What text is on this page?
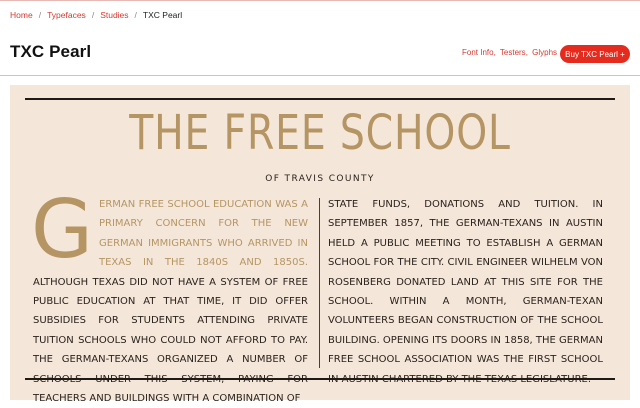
Home / Typefaces / Studies / TXC Pearl
TXC Pearl	Font Info, Testers, Glyphs	Buy TXC Pearl +
THE FREE SCHOOL
OF TRAVIS COUNTY
G ERMAN FREE SCHOOL EDUCATION WAS A PRIMARY CONCERN FOR THE NEW GERMAN IMMIGRANTS WHO ARRIVED IN TEXAS IN THE 1840S AND 1850S. ALTHOUGH TEXAS DID NOT HAVE A SYSTEM OF FREE PUBLIC EDUCATION AT THAT TIME, IT DID OFFER SUBSIDIES FOR STUDENTS ATTENDING PRIVATE TUITION SCHOOLS WHO COULD NOT AFFORD TO PAY. THE GERMAN-TEXANS ORGANIZED A NUMBER OF TEACHERS AND BUILDINGS WITH A COMBINATION OF

STATE FUNDS, DONATIONS AND TUITION. IN SEPTEMBER 1857, THE GERMAN-TEXANS IN AUSTIN HELD A PUBLIC MEETING TO ESTABLISH A GERMAN SCHOOL FOR THE CITY. CIVIL ENGINEER WILHELM VON ROSENBERG DONATED LAND AT THIS SITE FOR THE SCHOOL. WITHIN A MONTH, GERMAN-TEXAN VOLUNTEERS BEGAN CONSTRUCTION OF THE SCHOOL BUILDING. OPENING ITS DOORS IN 1858, THE GERMAN FREE SCHOOL ASSOCIATION WAS THE FIRST SCHOOL
